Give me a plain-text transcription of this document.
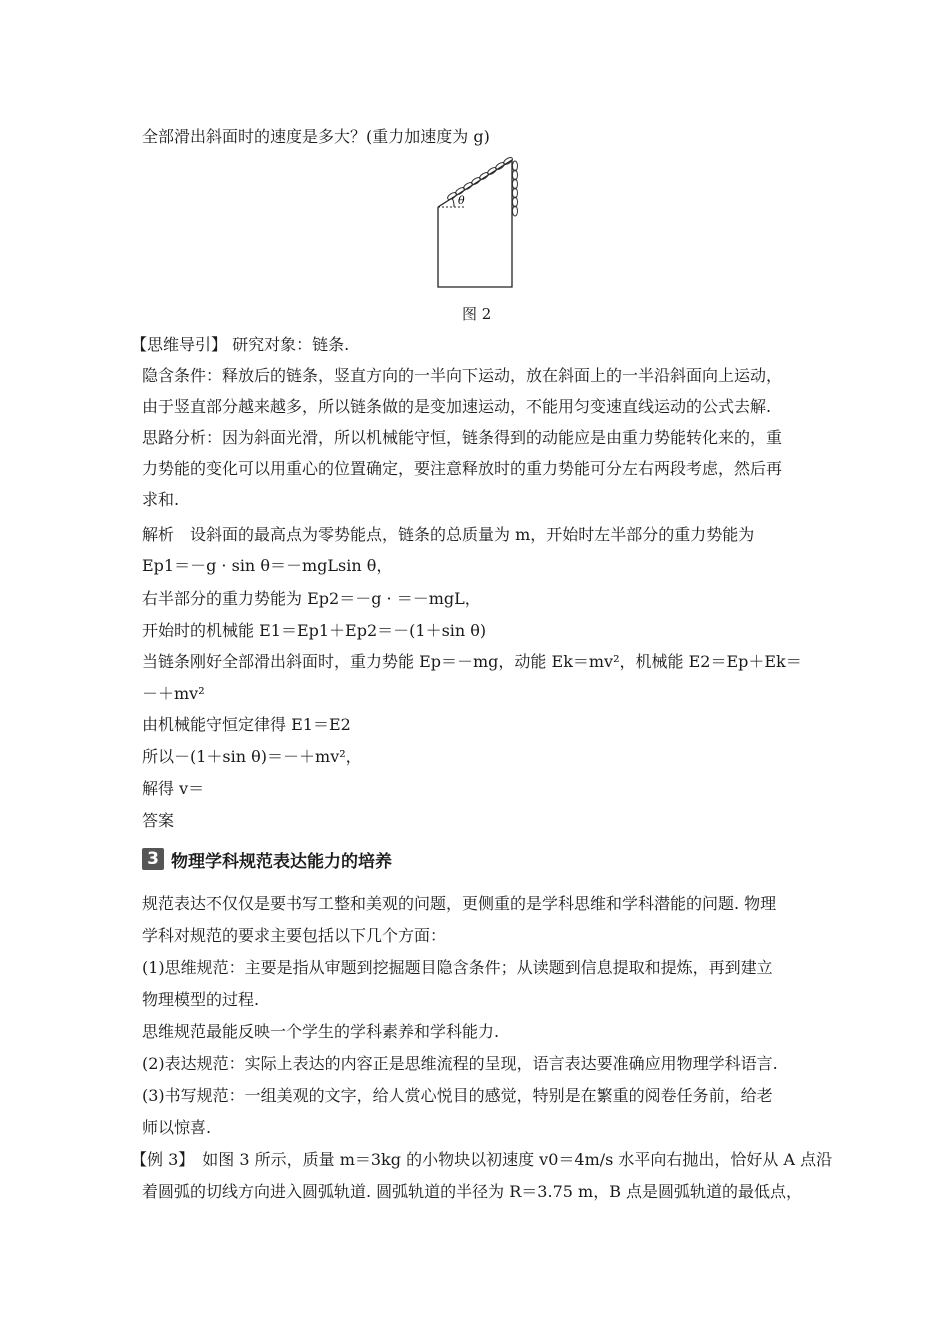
全部滑出斜面时的速度是多大？(重力加速度为 g)
θ
图 2
【思维导引】 研究对象：链条.
隐含条件：释放后的链条，竖直方向的一半向下运动，放在斜面上的一半沿斜面向上运动，
由于竖直部分越来越多，所以链条做的是变加速运动，不能用匀变速直线运动的公式去解.
思路分析：因为斜面光滑，所以机械能守恒，链条得到的动能应是由重力势能转化来的，重
力势能的变化可以用重心的位置确定，要注意释放时的重力势能可分左右两段考虑，然后再
求和.
解析　设斜面的最高点为零势能点，链条的总质量为 m，开始时左半部分的重力势能为
Ep1＝－g · sin θ＝－mgLsin θ，
右半部分的重力势能为 Ep2＝－g · ＝－mgL，
开始时的机械能 E1＝Ep1＋Ep2＝－(1＋sin θ)
当链条刚好全部滑出斜面时，重力势能 Ep＝－mg，动能 Ek＝mv²，机械能 E2＝Ep＋Ek＝
－＋mv²
由机械能守恒定律得 E1＝E2
所以－(1＋sin θ)＝－＋mv²，
解得 v＝
答案
3 物理学科规范表达能力的培养
规范表达不仅仅是要书写工整和美观的问题，更侧重的是学科思维和学科潜能的问题. 物理
学科对规范的要求主要包括以下几个方面：
(1)思维规范：主要是指从审题到挖掘题目隐含条件；从读题到信息提取和提炼，再到建立
物理模型的过程.
思维规范最能反映一个学生的学科素养和学科能力.
(2)表达规范：实际上表达的内容正是思维流程的呈现，语言表达要准确应用物理学科语言.
(3)书写规范：一组美观的文字，给人赏心悦目的感觉，特别是在繁重的阅卷任务前，给老
师以惊喜.
【例 3】　如图 3 所示，质量 m＝3kg 的小物块以初速度 v0＝4m/s 水平向右抛出，恰好从 A 点沿
着圆弧的切线方向进入圆弧轨道. 圆弧轨道的半径为 R＝3.75 m，B 点是圆弧轨道的最低点，
